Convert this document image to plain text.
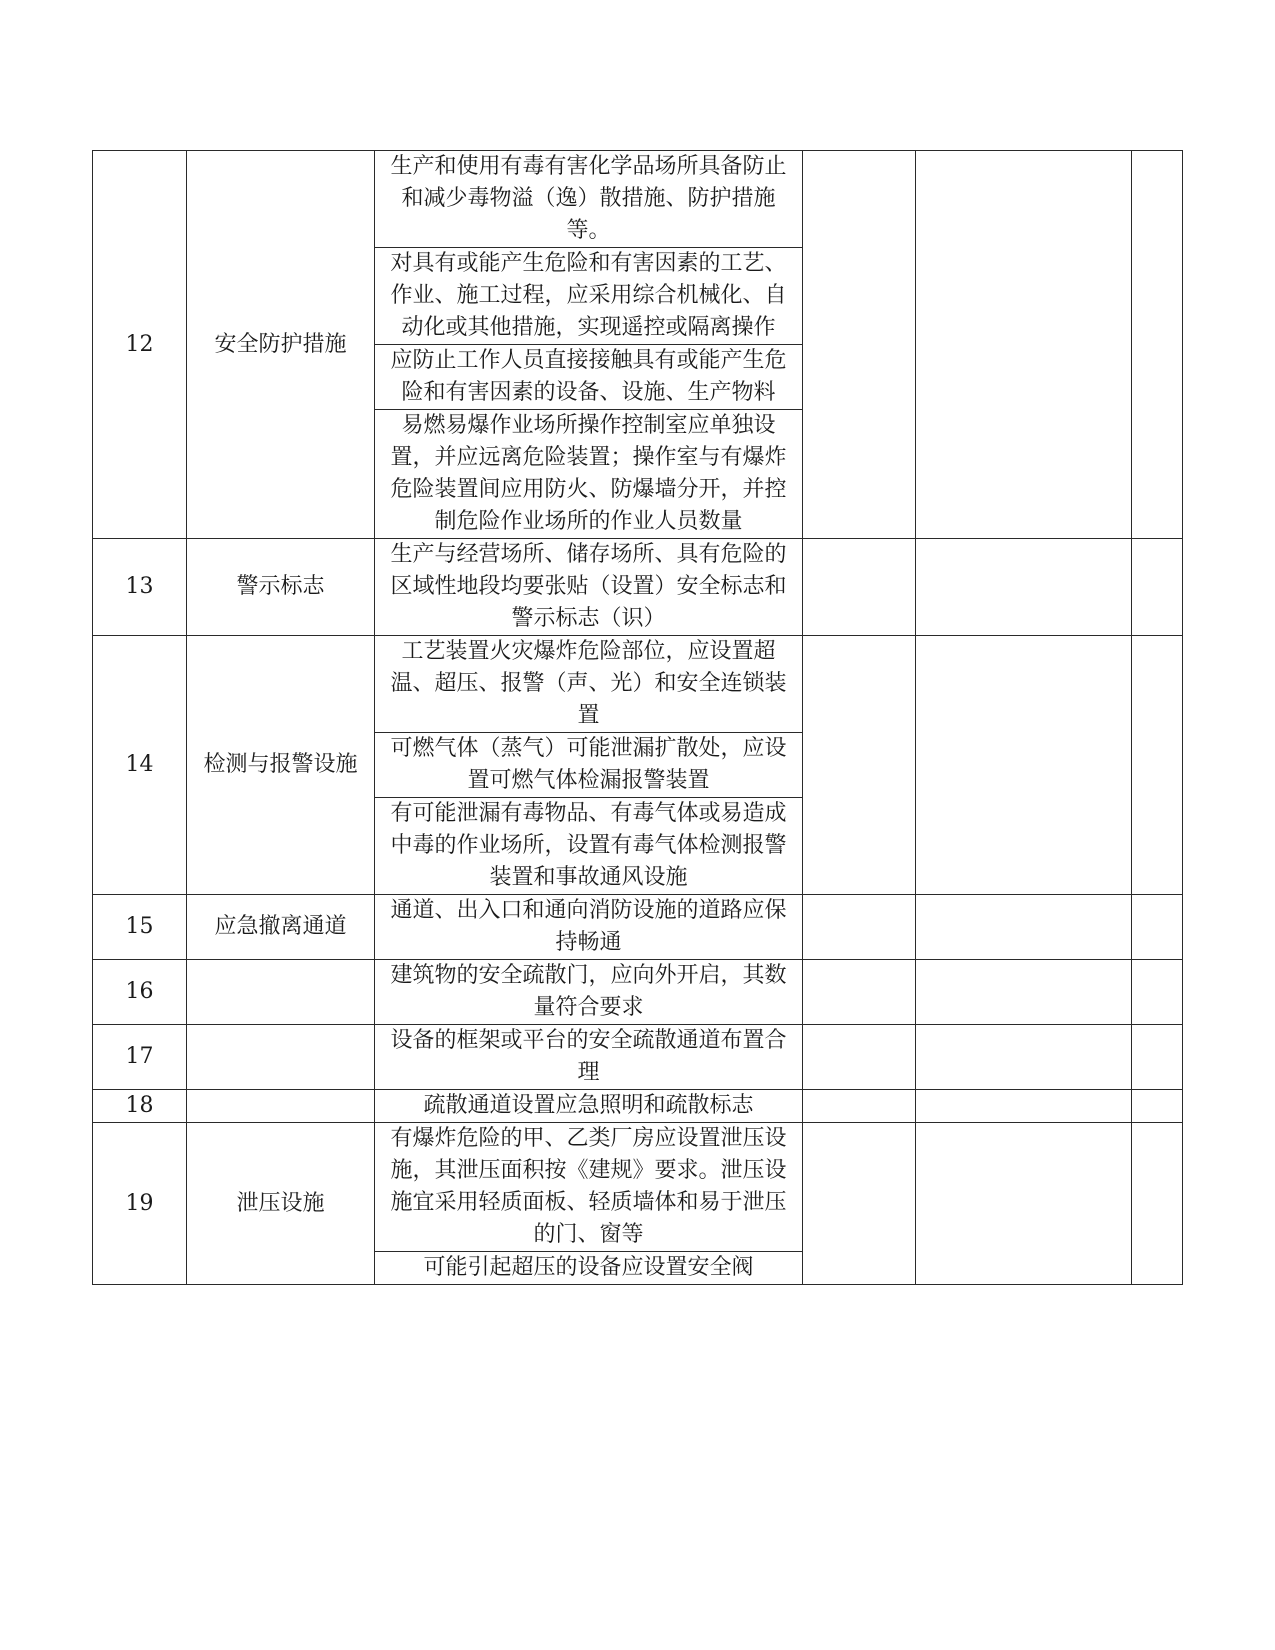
12	安全防护措施	生产和使用有毒有害化学品场所具备防止和减少毒物溢（逸）散措施、防护措施等。			
		对具有或能产生危险和有害因素的工艺、作业、施工过程，应采用综合机械化、自动化或其他措施，实现遥控或隔离操作			
		应防止工作人员直接接触具有或能产生危险和有害因素的设备、设施、生产物料			
		易燃易爆作业场所操作控制室应单独设置，并应远离危险装置；操作室与有爆炸危险装置间应用防火、防爆墙分开，并控制危险作业场所的作业人员数量			
13	警示标志	生产与经营场所、储存场所、具有危险的区域性地段均要张贴（设置）安全标志和警示标志（识）			
14	检测与报警设施	工艺装置火灾爆炸危险部位，应设置超温、超压、报警（声、光）和安全连锁装置			
		可燃气体（蒸气）可能泄漏扩散处，应设置可燃气体检漏报警装置			
		有可能泄漏有毒物品、有毒气体或易造成中毒的作业场所，设置有毒气体检测报警装置和事故通风设施			
15	应急撤离通道	通道、出入口和通向消防设施的道路应保持畅通			
16		建筑物的安全疏散门，应向外开启，其数量符合要求			
17		设备的框架或平台的安全疏散通道布置合理			
18		疏散通道设置应急照明和疏散标志			
19	泄压设施	有爆炸危险的甲、乙类厂房应设置泄压设施，其泄压面积按《建规》要求。泄压设施宜采用轻质面板、轻质墙体和易于泄压的门、窗等			
		可能引起超压的设备应设置安全阀			
